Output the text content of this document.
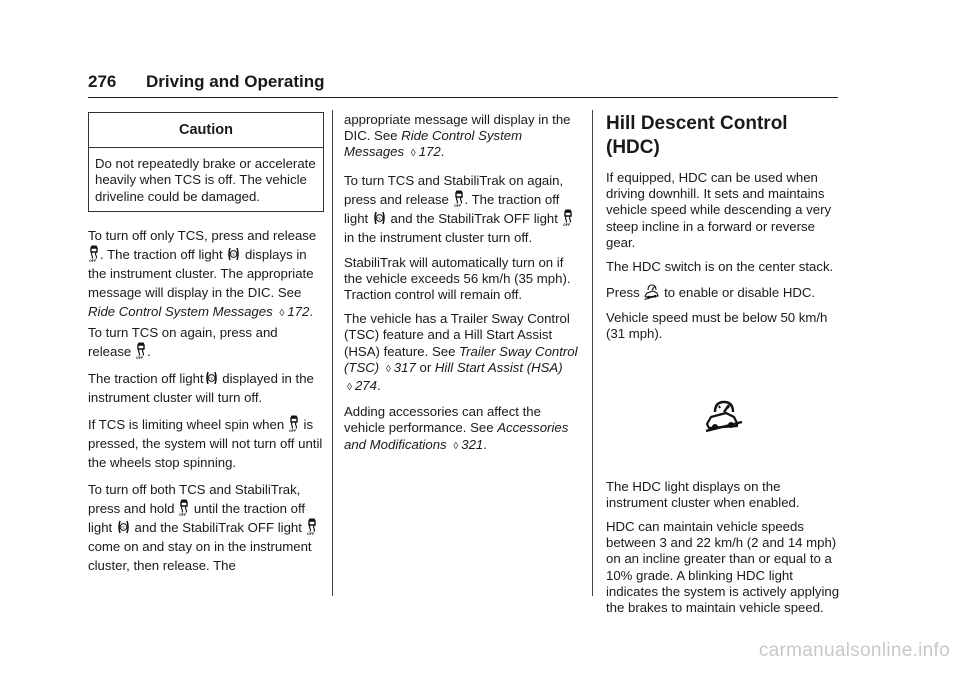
276 Driving and Operating
Caution

Do not repeatedly brake or accelerate heavily when TCS is off. The vehicle driveline could be damaged.

To turn off only TCS, press and release
OFF . The traction off light	TC displays in the instrument cluster. The appropriate message will display in the DIC. See Ride Control System Messages ◊ 172. To turn TCS on again, press and release OFF .

The traction off light TC displayed in the instrument cluster will turn off.

If TCS is limiting wheel spin when OFF is pressed, the system will not turn off until the wheels stop spinning.

To turn off both TCS and StabiliTrak, press and hold OFF until the traction off light	TC and the StabiliTrak OFF light OFF
come on and stay on in the instrument cluster, then release. The

appropriate message will display in the DIC. See Ride Control System Messages ◊ 172.

To turn TCS and StabiliTrak on again, press and release OFF . The traction off light	TC and the StabiliTrak OFF light OFF
in the instrument cluster turn off.

StabiliTrak will automatically turn on if the vehicle exceeds 56 km/h (35 mph). Traction control will remain off.

The vehicle has a Trailer Sway Control (TSC) feature and a Hill Start Assist (HSA) feature. See Trailer Sway Control (TSC) ◊ 317 or Hill Start Assist (HSA) ◊ 274.

Adding accessories can affect the vehicle performance. See Accessories and Modifications ◊ 321.

Hill Descent Control (HDC)

If equipped, HDC can be used when driving downhill. It sets and maintains vehicle speed while descending a very steep incline in a forward or reverse gear.

The HDC switch is on the center stack.

Press to enable or disable HDC.

Vehicle speed must be below 50 km/h (31 mph).

The HDC light displays on the instrument cluster when enabled.

HDC can maintain vehicle speeds between 3 and 22 km/h (2 and 14 mph) on an incline greater than or equal to a 10% grade. A blinking HDC light indicates the system is actively applying the brakes to maintain vehicle speed.

carmanualsonline.info
